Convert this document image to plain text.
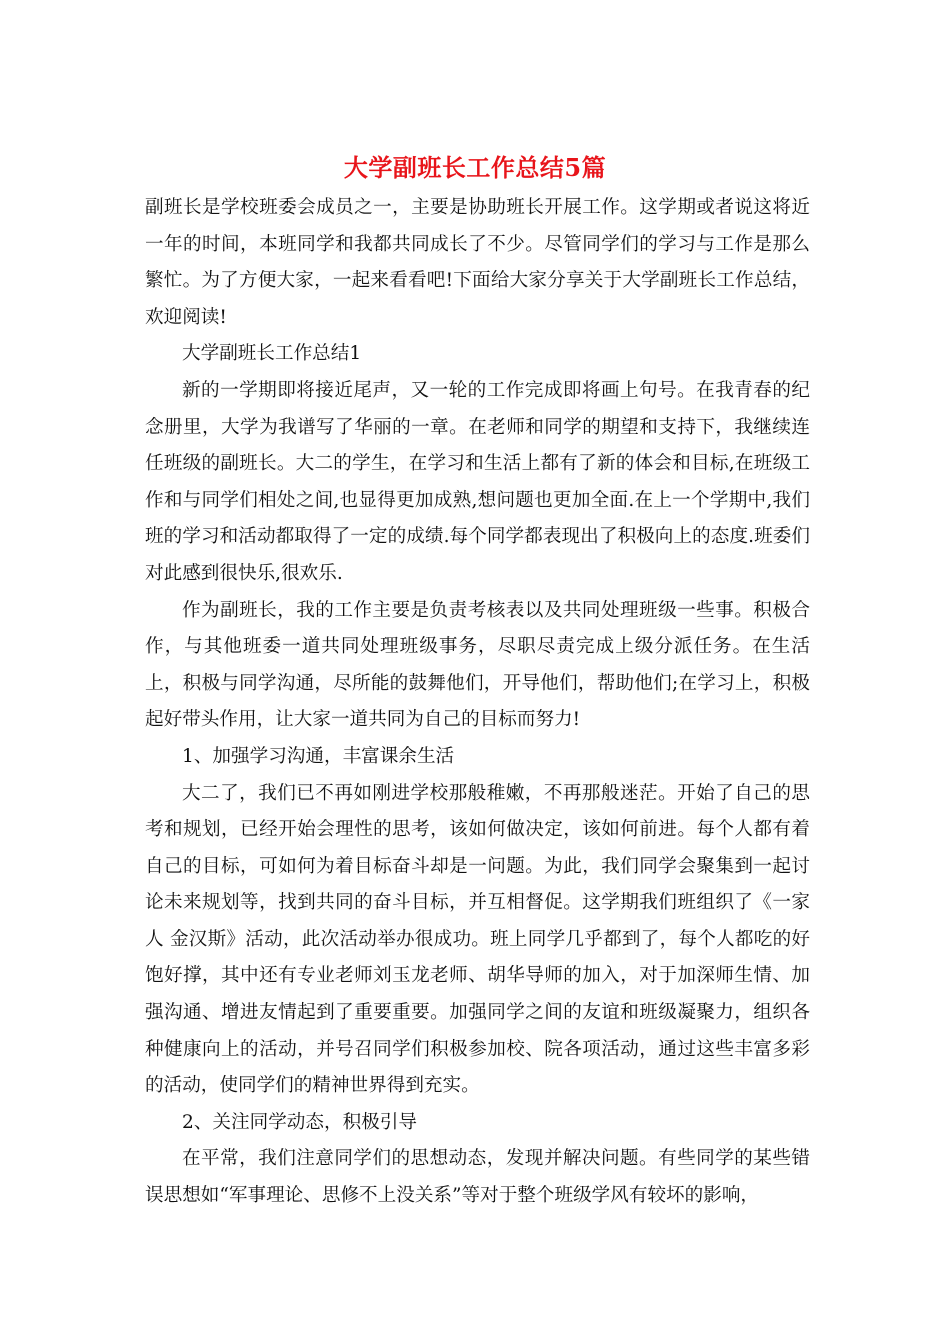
大学副班长工作总结5篇

副班长是学校班委会成员之一，主要是协助班长开展工作。这学期或者说这将近一年的时间，本班同学和我都共同成长了不少。尽管同学们的学习与工作是那么繁忙。为了方便大家，一起来看看吧!下面给大家分享关于大学副班长工作总结，欢迎阅读!

大学副班长工作总结1

新的一学期即将接近尾声，又一轮的工作完成即将画上句号。在我青春的纪念册里，大学为我谱写了华丽的一章。在老师和同学的期望和支持下，我继续连任班级的副班长。大二的学生，在学习和生活上都有了新的体会和目标,在班级工作和与同学们相处之间,也显得更加成熟,想问题也更加全面.在上一个学期中,我们班的学习和活动都取得了一定的成绩.每个同学都表现出了积极向上的态度.班委们对此感到很快乐,很欢乐.

作为副班长，我的工作主要是负责考核表以及共同处理班级一些事。积极合作，与其他班委一道共同处理班级事务，尽职尽责完成上级分派任务。在生活上，积极与同学沟通，尽所能的鼓舞他们，开导他们，帮助他们;在学习上，积极起好带头作用，让大家一道共同为自己的目标而努力!

1、加强学习沟通，丰富课余生活

大二了，我们已不再如刚进学校那般稚嫩，不再那般迷茫。开始了自己的思考和规划，已经开始会理性的思考，该如何做决定，该如何前进。每个人都有着自己的目标，可如何为着目标奋斗却是一问题。为此，我们同学会聚集到一起讨论未来规划等，找到共同的奋斗目标，并互相督促。这学期我们班组织了《一家人 金汉斯》活动，此次活动举办很成功。班上同学几乎都到了，每个人都吃的好饱好撑，其中还有专业老师刘玉龙老师、胡华导师的加入，对于加深师生情、加强沟通、增进友情起到了重要重要。加强同学之间的友谊和班级凝聚力，组织各种健康向上的活动，并号召同学们积极参加校、院各项活动，通过这些丰富多彩的活动，使同学们的精神世界得到充实。

2、关注同学动态，积极引导

在平常，我们注意同学们的思想动态，发现并解决问题。有些同学的某些错误思想如“军事理论、思修不上没关系”等对于整个班级学风有较坏的影响，
